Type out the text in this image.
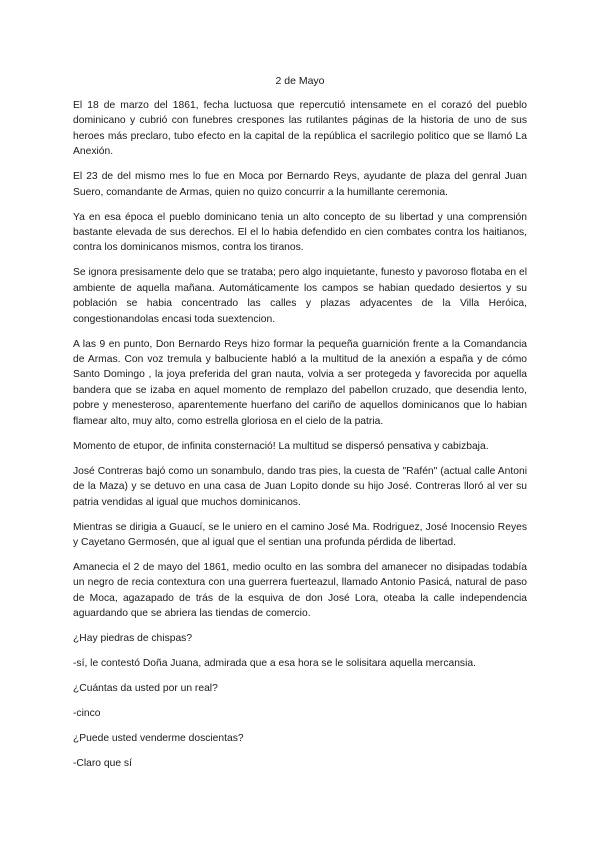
2 de Mayo

El 18 de marzo del 1861, fecha luctuosa que repercutió intensamete en el corazó del pueblo dominicano y cubrió con funebres crespones las rutilantes páginas de la historia de uno de sus heroes más preclaro, tubo efecto en la capital de la república el sacrilegio politico que se llamó La Anexión.

El 23 de del mismo mes lo fue en Moca por Bernardo Reys, ayudante de plaza del genral Juan Suero, comandante de Armas, quien no quizo concurrir a la humillante ceremonia.

Ya en esa época el pueblo dominicano tenia un alto concepto de su libertad y una comprensión bastante elevada de sus derechos. El el lo habia defendido en cien combates contra los haitianos, contra los dominicanos mismos, contra los tiranos.

Se ignora presisamente delo que se trataba; pero algo inquietante, funesto y pavoroso flotaba en el ambiente de aquella mañana. Automáticamente los campos se habian quedado desiertos y su población se habia concentrado las calles y plazas adyacentes de la Villa Heróica, congestionandolas encasi toda suextencion.

A las 9 en punto, Don Bernardo Reys hizo formar la pequeña guarnición frente a la Comandancia de Armas. Con voz tremula y balbuciente habló a la multitud de la anexión a españa y de cómo Santo Domingo , la joya preferida del gran nauta, volvia a ser protegeda y favorecida por aquella bandera que se izaba en aquel momento de remplazo del pabellon cruzado, que desendia lento, pobre y menesteroso, aparentemente huerfano del cariño de aquellos dominicanos que lo habian flamear alto, muy alto, como estrella gloriosa en el cielo de la patria.

Momento de etupor, de infinita consternació! La multitud se dispersó pensativa y cabizbaja.

José Contreras bajó como un sonambulo, dando tras pies, la cuesta de "Rafén" (actual calle Antoni de la Maza) y se detuvo en una casa de Juan Lopito donde su hijo José. Contreras lloró al ver su patria vendidas al igual que muchos dominicanos.

Mientras se dirigia a Guaucí, se le uniero en el camino José Ma. Rodriguez, José Inocensio Reyes y Cayetano Germosén, que al igual que el sentian una profunda pérdida de libertad.

Amanecia el 2 de mayo del 1861, medio oculto en las sombra del amanecer no disipadas todabía un negro de recia contextura con una guerrera fuerteazul, llamado Antonio Pasicá, natural de paso de Moca, agazapado de trás de la esquiva de don José Lora, oteaba la calle independencia aguardando que se abriera las tiendas de comercio.

¿Hay piedras de chispas?

-sí, le contestó Doña Juana, admirada que a esa hora se le solisitara aquella mercansia.

¿Cuántas da usted por un real?

-cinco

¿Puede usted venderme doscientas?

-Claro que sí
